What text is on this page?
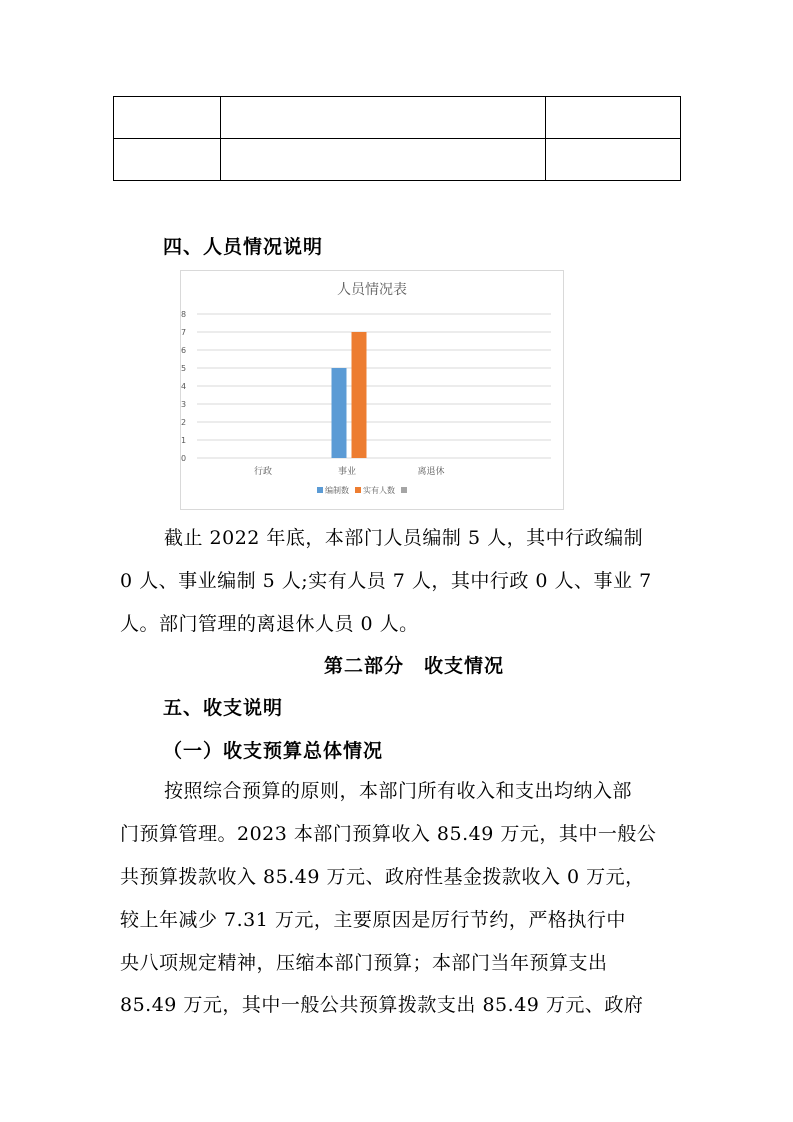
四、人员情况说明
人员情况表
0
1
2
3
4
5
6
7
8
行政	事业	离退休
编制数 实有人数
截止 2022 年底，本部门人员编制 5 人，其中行政编制
0 人、事业编制 5 人;实有人员 7 人，其中行政 0 人、事业 7
人。部门管理的离退休人员 0 人。
第二部分　收支情况
五、收支说明
（一）收支预算总体情况
按照综合预算的原则，本部门所有收入和支出均纳入部
门预算管理。2023 本部门预算收入 85.49 万元，其中一般公
共预算拨款收入 85.49 万元、政府性基金拨款收入 0 万元，
较上年减少 7.31 万元，主要原因是厉行节约，严格执行中
央八项规定精神，压缩本部门预算；本部门当年预算支出
85.49 万元，其中一般公共预算拨款支出 85.49 万元、政府
